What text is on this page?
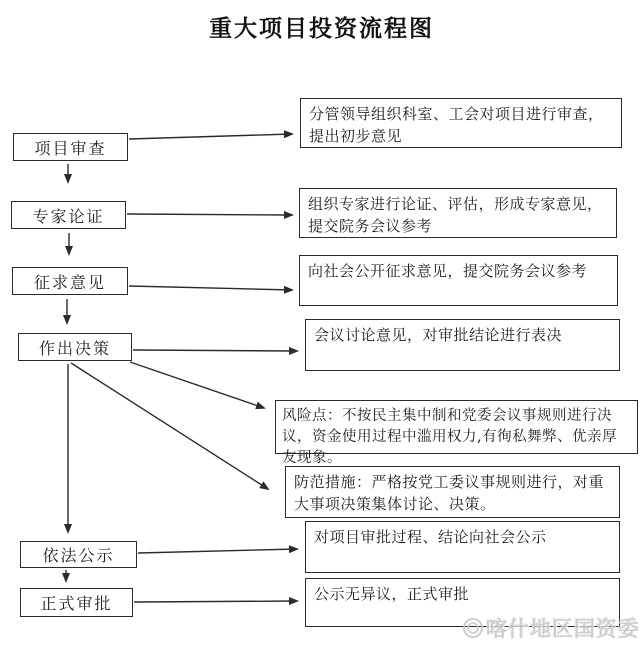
重大项目投资流程图
项目审查
专家论证
征求意见
作出决策
依法公示
正式审批
分管领导组织科室、工会对项目进行审查，提出初步意见
组织专家进行论证、评估，形成专家意见，提交院务会议参考
向社会公开征求意见，提交院务会议参考
会议讨论意见，对审批结论进行表决
风险点：不按民主集中制和党委会议事规则进行决议，资金使用过程中滥用权力,有徇私舞弊、优亲厚友现象。
防范措施：严格按党工委议事规则进行，对重大事项决策集体讨论、决策。
对项目审批过程、结论向社会公示
公示无异议，正式审批
喀什地区国资委
